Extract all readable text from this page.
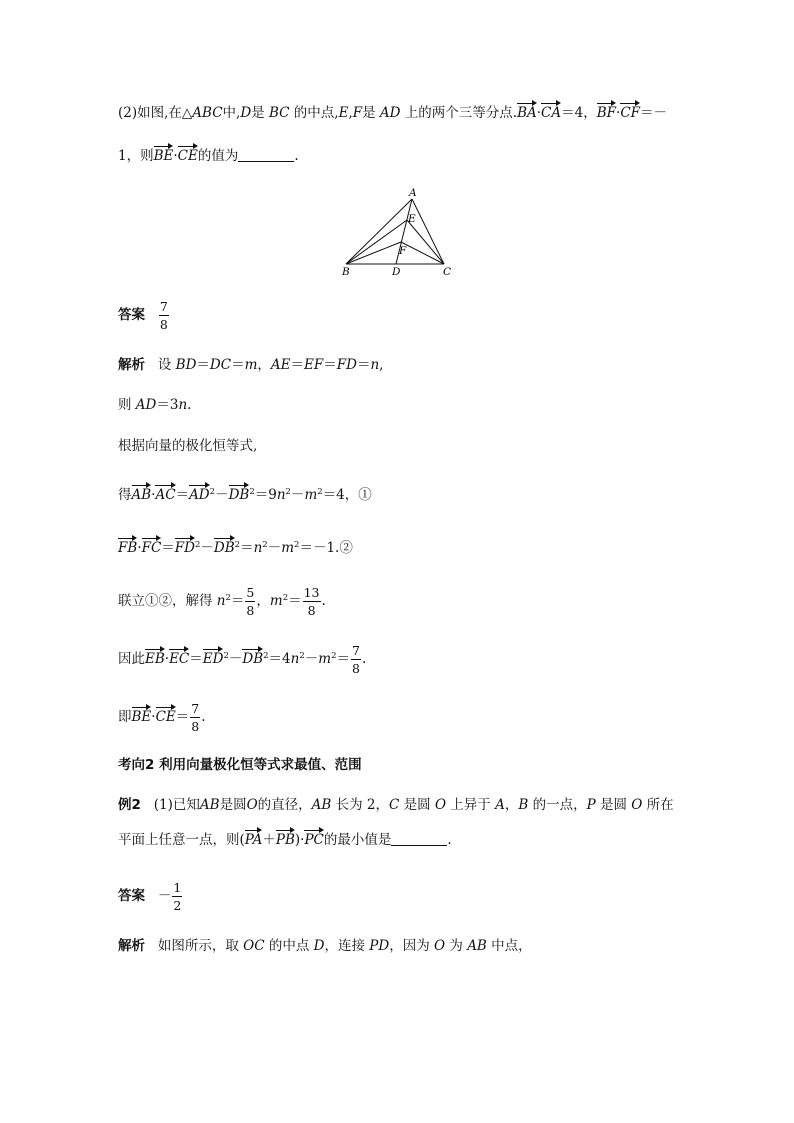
(2)如图,在△ABC中,D是 BC 的中点,E,F是 AD 上的两个三等分点.BA·CA＝4，BF·CF＝－
1，则BE·CE的值为	.
A
E
F
B	D	C
答案 $\frac{7}{8}$
解析   设 BD＝DC＝m，AE＝EF＝FD＝n,
则 AD＝3n.
根据向量的极化恒等式,
得$AB\cdot AC=AD^2-DB^2=9n^2-m^2=4$，①
$FB\cdot FC=FD^2-DB^2=n^2-m^2=-1.②$
联立①②，解得 $n^2= \frac{5}{8}$ ，$m^2= \frac{13}{8}$ .
因此$EB\cdot EC=ED^2-DB^2=4n^2-m^2= \frac{7}{8}$ .
即$BE\cdot CE= \frac{7}{8}$ .
考向2 利用向量极化恒等式求最值、范围
例2   (1)已知AB是圆O的直径，AB 长为 2，C 是圆 O 上异于 A，B 的一点，P 是圆 O 所在
平面上任意一点，则(PA＋PB)·PC的最小值是	.
答案 － $\frac{1}{2}$
解析   如图所示，取 OC 的中点 D，连接 PD，因为 O 为 AB 中点，
